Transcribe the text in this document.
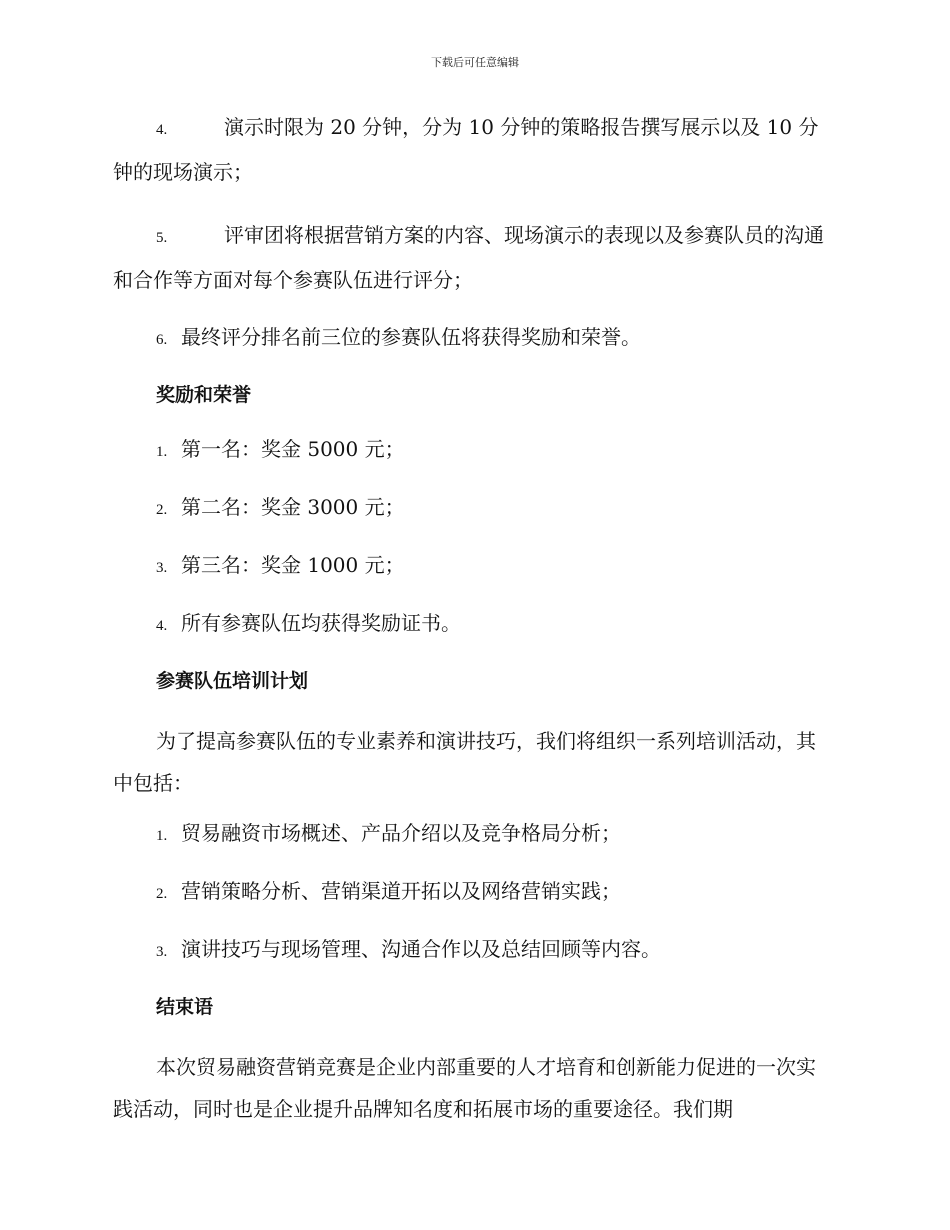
下载后可任意编辑
4.	演示时限为 20 分钟，分为 10 分钟的策略报告撰写展示以及 10 分钟的现场演示；
5.	评审团将根据营销方案的内容、现场演示的表现以及参赛队员的沟通和合作等方面对每个参赛队伍进行评分；
6. 最终评分排名前三位的参赛队伍将获得奖励和荣誉。
奖励和荣誉
1. 第一名：奖金 5000 元；
2. 第二名：奖金 3000 元；
3. 第三名：奖金 1000 元；
4. 所有参赛队伍均获得奖励证书。
参赛队伍培训计划
为了提高参赛队伍的专业素养和演讲技巧，我们将组织一系列培训活动，其中包括：
1. 贸易融资市场概述、产品介绍以及竞争格局分析；
2. 营销策略分析、营销渠道开拓以及网络营销实践；
3. 演讲技巧与现场管理、沟通合作以及总结回顾等内容。
结束语
本次贸易融资营销竞赛是企业内部重要的人才培育和创新能力促进的一次实践活动，同时也是企业提升品牌知名度和拓展市场的重要途径。我们期
